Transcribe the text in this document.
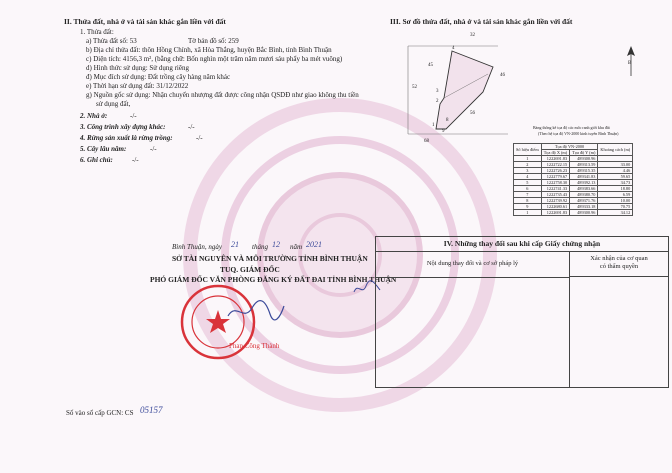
II. Thửa đất, nhà ở và tài sản khác gắn liền với đất
1. Thửa đất:
a) Thửa đất số: 53	Tờ bản đồ số: 259
b) Địa chỉ thửa đất: thôn Hồng Chính, xã Hòa Thắng, huyện Bắc Bình, tỉnh Bình Thuận
c) Diện tích: 4156,3 m², (bằng chữ: Bốn nghìn một trăm năm mươi sáu phẩy ba mét vuông)
d) Hình thức sử dụng: Sử dụng riêng
đ) Mục đích sử dụng: Đất trồng cây hàng năm khác
e) Thời hạn sử dụng đất: 31/12/2022
g) Nguồn gốc sử dụng: Nhận chuyển nhượng đất được công nhận QSDĐ như giao không thu tiền
sử dụng đất,
2. Nhà ở:	-/-
3. Công trình xây dựng khác:	-/-
4. Rừng sản xuất là rừng trồng:	-/-
5. Cây lâu năm:	-/-
6. Ghi chú:	-/-
III. Sơ đồ thửa đất, nhà ở và tài sản khác gắn liền với đất
32
4
45
46
3
52
2
56
1
8
9
68
B
Bảng thống kê tọa độ các mốc ranh giới khu đất
(Theo hệ tọa độ VN-2000 kinh tuyến Bình Thuận)
Số hiệu điểm	Tọa độ VN-2000		Khoảng cách (m)
	Tọa độ X (m)	Tọa độ Y (m)	
1	1222691.83	489300.96	
2	1222722.15	489313.59	33.00
3	1222726.23	489315.35	4.46
4	1222779.67	489341.83	59.65
5	1222758.30	489392.13	34.73
6	1222741.33	489383.66	18.80
7	1222735.43	489380.70	6.59
8	1222739.92	489371.76	10.00
9	1222680.61	489333.18	70.75
1	1222691.83	489300.96	34.12
Bình Thuận, ngày 21 tháng 12 năm 2021
SỞ TÀI NGUYÊN VÀ MÔI TRƯỜNG TỈNH BÌNH THUẬN
TUQ. GIÁM ĐỐC
PHÓ GIÁM ĐỐC VĂN PHÒNG ĐĂNG KÝ ĐẤT ĐAI TỈNH BÌNH THUẬN
Phan Công Thành
IV. Những thay đổi sau khi cấp Giấy chứng nhận
Nội dung thay đổi và cơ sở pháp lý
Xác nhận của cơ quan
có thẩm quyền
Số vào sổ cấp GCN: CS 05157
